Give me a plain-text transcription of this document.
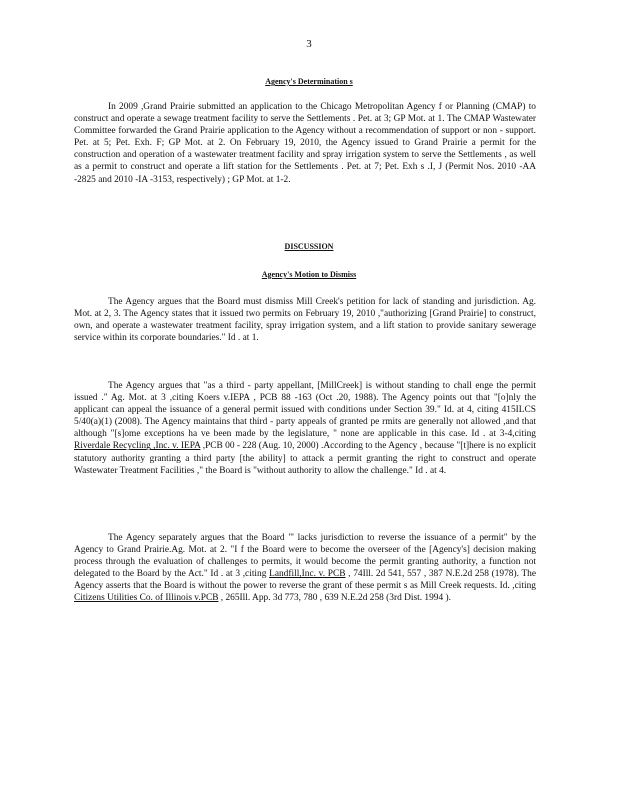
3
Agency's Determination s

In 2009 ,Grand Prairie submitted an application to the Chicago Metropolitan Agency f or Planning (CMAP) to construct and operate a sewage treatment facility to serve the Settlements . Pet. at 3; GP Mot. at 1. The CMAP Wastewater Committee forwarded the Grand Prairie application to the Agency without a recommendation of support or non - support. Pet. at 5; Pet. Exh. F; GP Mot. at 2. On February 19, 2010, the Agency issued to Grand Prairie a permit for the construction and operation of a wastewater treatment facility and spray irrigation system to serve the Settlements , as well as a permit to construct and operate a lift station for the Settlements . Pet. at 7; Pet. Exh s .I, J (Permit Nos. 2010 -AA -2825 and 2010 -IA -3153, respectively) ; GP Mot. at 1-2.

DISCUSSION
Agency's Motion to Dismiss

The Agency argues that the Board must dismiss Mill Creek's petition for lack of standing and jurisdiction. Ag. Mot. at 2, 3. The Agency states that it issued two permits on February 19, 2010 ,"authorizing [Grand Prairie] to construct, own, and operate a wastewater treatment facility, spray irrigation system, and a lift station to provide sanitary sewerage service within its corporate boundaries." Id . at 1.

The Agency argues that "as a third - party appellant, [MillCreek] is without standing to chall enge the permit issued ." Ag. Mot. at 3 ,citing Koers v.IEPA , PCB 88 -163 (Oct .20, 1988). The Agency points out that "[o]nly the applicant can appeal the issuance of a general permit issued with conditions under Section 39." Id. at 4, citing 415ILCS 5/40(a)(1) (2008). The Agency maintains that third - party appeals of granted pe rmits are generally not allowed ,and that although "[s]ome exceptions ha ve been made by the legislature, " none are applicable in this case. Id . at 3-4,citing Riverdale Recycling ,Inc. v. IEPA ,PCB 00 - 228 (Aug. 10, 2000) .According to the Agency , because "[t]here is no explicit statutory authority granting a third party [the ability] to attack a permit granting the right to construct and operate Wastewater Treatment Facilities ," the Board is "without authority to allow the challenge." Id . at 4.

The Agency separately argues that the Board "' lacks jurisdiction to reverse the issuance of a permit" by the Agency to Grand Prairie.Ag. Mot. at 2. "I f the Board were to become the overseer of the [Agency's] decision making process through the evaluation of challenges to permits, it would become the permit granting authority, a function not delegated to the Board by the Act." Id . at 3 ,citing Landfill,Inc. v. PCB , 74Ill. 2d 541, 557 , 387 N.E.2d 258 (1978). The Agency asserts that the Board is without the power to reverse the grant of these permit s as Mill Creek requests. Id. ,citing Citizens Utilities Co. of Illinois v.PCB , 265Ill. App. 3d 773, 780 , 639 N.E.2d 258 (3rd Dist. 1994 ).
